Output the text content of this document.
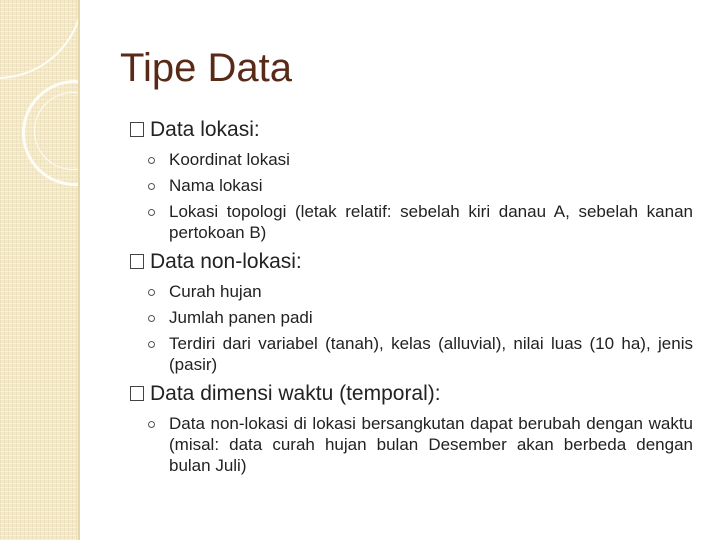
Tipe Data
Data lokasi:
Koordinat lokasi
Nama lokasi
Lokasi topologi (letak relatif: sebelah kiri danau A, sebelah kanan pertokoan B)
Data non-lokasi:
Curah hujan
Jumlah panen padi
Terdiri dari variabel (tanah), kelas (alluvial), nilai luas (10 ha), jenis (pasir)
Data dimensi waktu (temporal):
Data non-lokasi di lokasi bersangkutan dapat berubah dengan waktu (misal: data curah hujan bulan Desember akan berbeda dengan bulan Juli)
